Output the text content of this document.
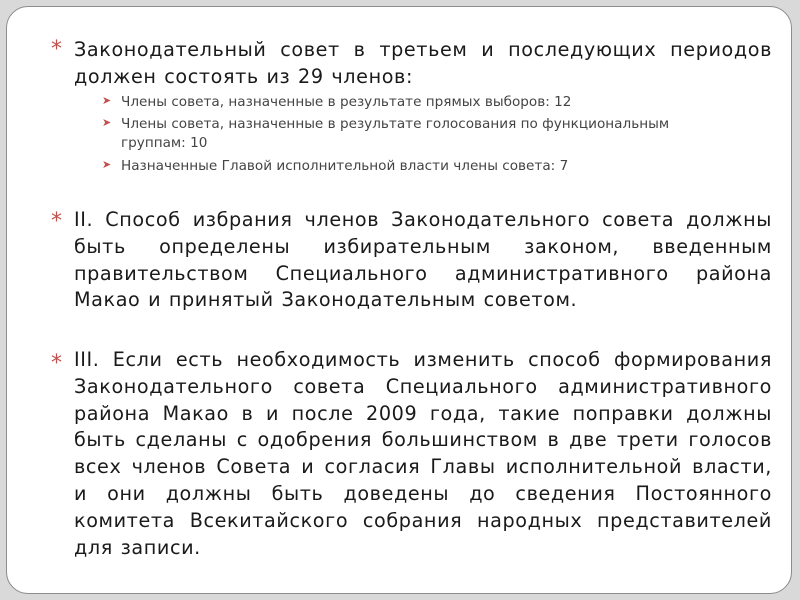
* Законодательный совет в третьем и последующих периодов должен состоять из 29 членов:

➤ Члены совета, назначенные в результате прямых выборов: 12

➤ Члены совета, назначенные в результате голосования по функциональным группам: 10

➤ Назначенные Главой исполнительной власти члены совета: 7

* II. Способ избрания членов Законодательного совета должны быть определены избирательным законом, введенным правительством Специального административного района Макао и принятый Законодательным советом.

* III. Если есть необходимость изменить способ формирования Законодательного совета Специального административного района Макао в и после 2009 года, такие поправки должны быть сделаны с одобрения большинством в две трети голосов всех членов Совета и согласия Главы исполнительной власти, и они должны быть доведены до сведения Постоянного комитета Всекитайского собрания народных представителей для записи.
